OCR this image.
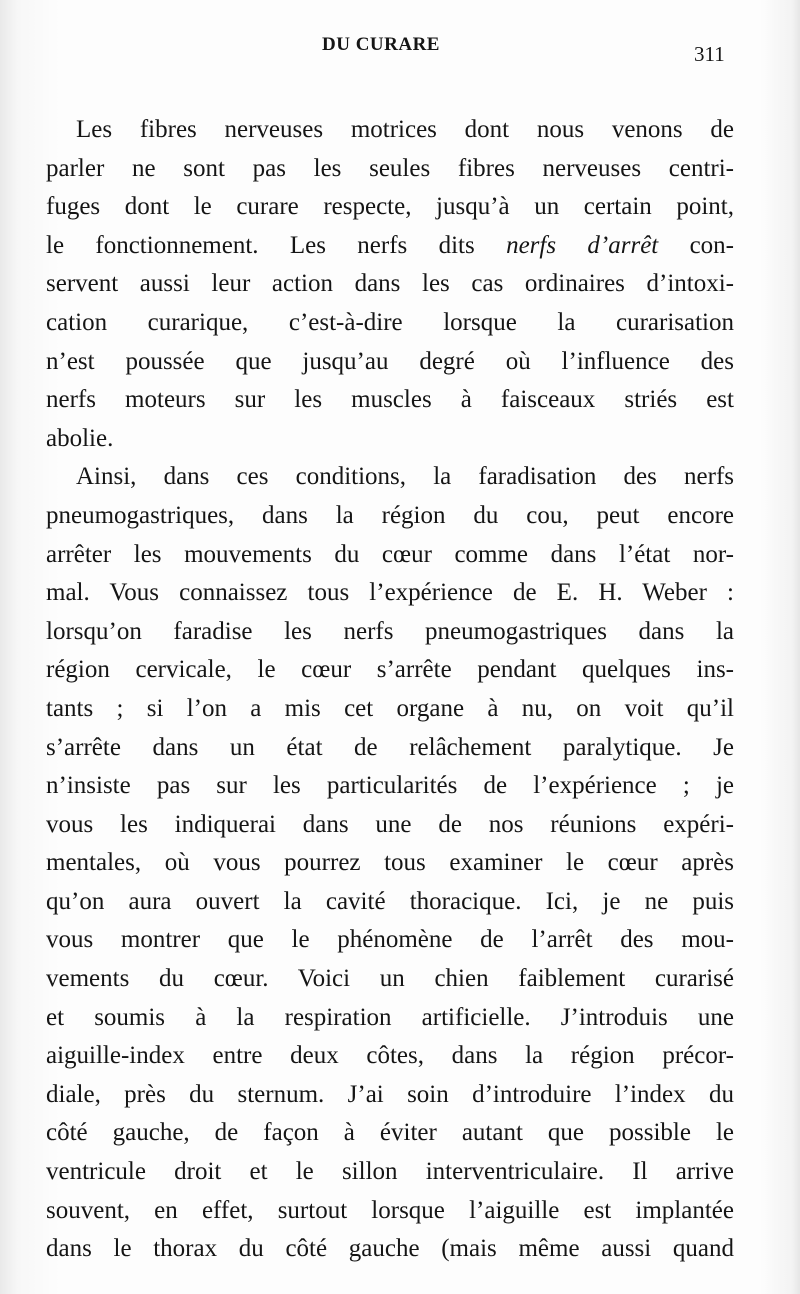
DU CURARE	311
Les fibres nerveuses motrices dont nous venons de
parler ne sont pas les seules fibres nerveuses centri-
fuges dont le curare respecte, jusqu’à un certain point,
le fonctionnement. Les nerfs dits nerfs d’arrêt con-
servent aussi leur action dans les cas ordinaires d’intoxi-
cation curarique, c’est-à-dire lorsque la curarisation
n’est poussée que jusqu’au degré où l’influence des
nerfs moteurs sur les muscles à faisceaux striés est
abolie.
Ainsi, dans ces conditions, la faradisation des nerfs
pneumogastriques, dans la région du cou, peut encore
arrêter les mouvements du cœur comme dans l’état nor-
mal. Vous connaissez tous l’expérience de E. H. Weber :
lorsqu’on faradise les nerfs pneumogastriques dans la
région cervicale, le cœur s’arrête pendant quelques ins-
tants ; si l’on a mis cet organe à nu, on voit qu’il
s’arrête dans un état de relâchement paralytique. Je
n’insiste pas sur les particularités de l’expérience ; je
vous les indiquerai dans une de nos réunions expéri-
mentales, où vous pourrez tous examiner le cœur après
qu’on aura ouvert la cavité thoracique. Ici, je ne puis
vous montrer que le phénomène de l’arrêt des mou-
vements du cœur. Voici un chien faiblement curarisé
et soumis à la respiration artificielle. J’introduis une
aiguille-index entre deux côtes, dans la région précor-
diale, près du sternum. J’ai soin d’introduire l’index du
côté gauche, de façon à éviter autant que possible le
ventricule droit et le sillon interventriculaire. Il arrive
souvent, en effet, surtout lorsque l’aiguille est implantée
dans le thorax du côté gauche (mais même aussi quand
